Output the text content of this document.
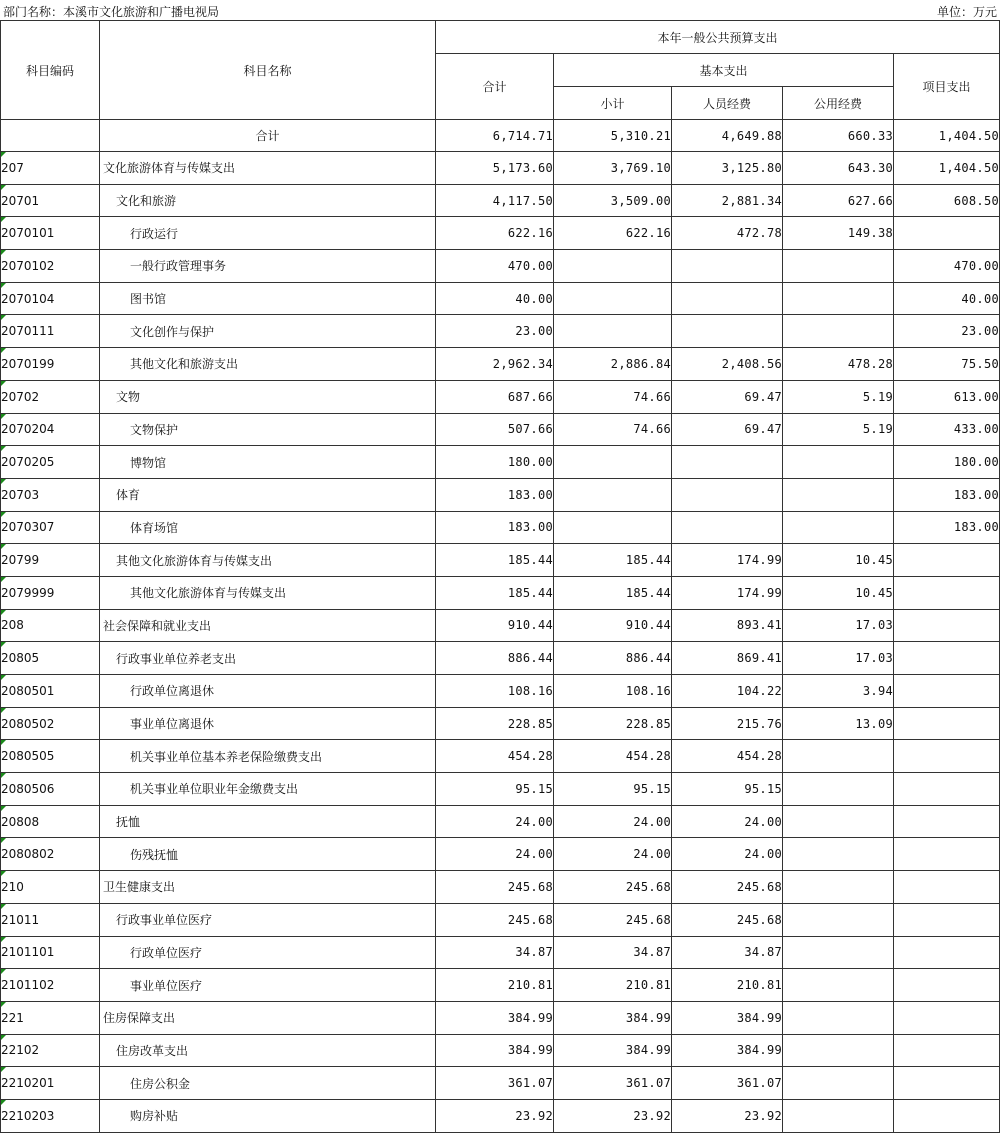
部门名称：本溪市文化旅游和广播电视局	单位：万元
科目编码	科目名称	本年一般公共预算支出				
		合计	基本支出			项目支出
			小计	人员经费	公用经费	
	合计	6,714.71	5,310.21	4,649.88	660.33	1,404.50

207	文化旅游体育与传媒支出	5,173.60	3,769.10	3,125.80	643.30	1,404.50

20701	文化和旅游	4,117.50	3,509.00	2,881.34	627.66	608.50

2070101	行政运行	622.16	622.16	472.78	149.38	

2070102	一般行政管理事务	470.00				470.00

2070104	图书馆	40.00				40.00

2070111	文化创作与保护	23.00				23.00

2070199	其他文化和旅游支出	2,962.34	2,886.84	2,408.56	478.28	75.50

20702	文物	687.66	74.66	69.47	5.19	613.00

2070204	文物保护	507.66	74.66	69.47	5.19	433.00

2070205	博物馆	180.00				180.00

20703	体育	183.00				183.00

2070307	体育场馆	183.00				183.00

20799	其他文化旅游体育与传媒支出	185.44	185.44	174.99	10.45	

2079999	其他文化旅游体育与传媒支出	185.44	185.44	174.99	10.45	

208	社会保障和就业支出	910.44	910.44	893.41	17.03	

20805	行政事业单位养老支出	886.44	886.44	869.41	17.03	

2080501	行政单位离退休	108.16	108.16	104.22	3.94	

2080502	事业单位离退休	228.85	228.85	215.76	13.09	

2080505	机关事业单位基本养老保险缴费支出	454.28	454.28	454.28		

2080506	机关事业单位职业年金缴费支出	95.15	95.15	95.15		

20808	抚恤	24.00	24.00	24.00		

2080802	伤残抚恤	24.00	24.00	24.00		

210	卫生健康支出	245.68	245.68	245.68		

21011	行政事业单位医疗	245.68	245.68	245.68		

2101101	行政单位医疗	34.87	34.87	34.87		

2101102	事业单位医疗	210.81	210.81	210.81		

221	住房保障支出	384.99	384.99	384.99		

22102	住房改革支出	384.99	384.99	384.99		

2210201	住房公积金	361.07	361.07	361.07		

2210203	购房补贴	23.92	23.92	23.92		
